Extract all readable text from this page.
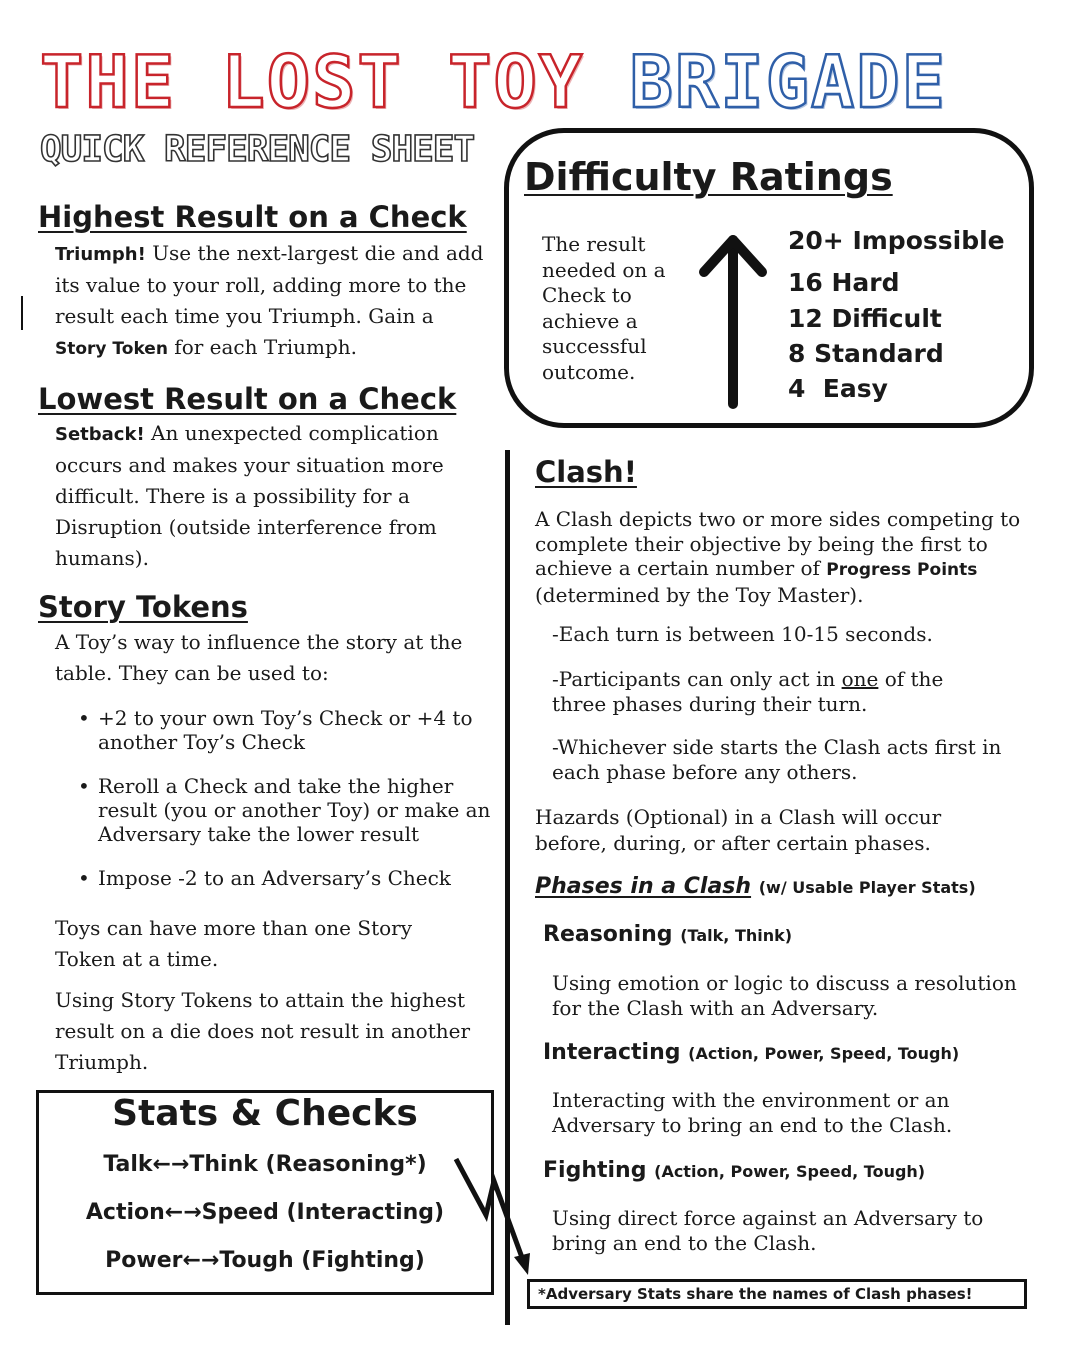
THE LOST TOY BRIGADE
QUICK REFERENCE SHEET
Highest Result on a Check
Triumph! Use the next-largest die and add its value to your roll, adding more to the result each time you Triumph. Gain a Story Token for each Triumph.
Lowest Result on a Check
Setback! An unexpected complication occurs and makes your situation more difficult. There is a possibility for a Disruption (outside interference from humans).
Story Tokens
A Toy’s way to influence the story at the table. They can be used to:
• +2 to your own Toy’s Check or +4 to another Toy’s Check
• Reroll a Check and take the higher result (you or another Toy) or make an Adversary take the lower result
• Impose -2 to an Adversary’s Check
Toys can have more than one Story Token at a time.
Using Story Tokens to attain the highest result on a die does not result in another Triumph.
Stats & Checks
Talk←→Think (Reasoning*)
Action←→Speed (Interacting)
Power←→Tough (Fighting)
Difficulty Ratings
The result needed on a Check to achieve a successful outcome.
20+ Impossible
16 Hard
12 Difficult
8 Standard
4  Easy
Clash!
A Clash depicts two or more sides competing to complete their objective by being the first to achieve a certain number of Progress Points (determined by the Toy Master).
-Each turn is between 10-15 seconds.
-Participants can only act in one of the three phases during their turn.
-Whichever side starts the Clash acts first in each phase before any others.
Hazards (Optional) in a Clash will occur before, during, or after certain phases.
Phases in a Clash (w/ Usable Player Stats)
Reasoning (Talk, Think)
Using emotion or logic to discuss a resolution for the Clash with an Adversary.
Interacting (Action, Power, Speed, Tough)
Interacting with the environment or an Adversary to bring an end to the Clash.
Fighting (Action, Power, Speed, Tough)
Using direct force against an Adversary to bring an end to the Clash.
*Adversary Stats share the names of Clash phases!
